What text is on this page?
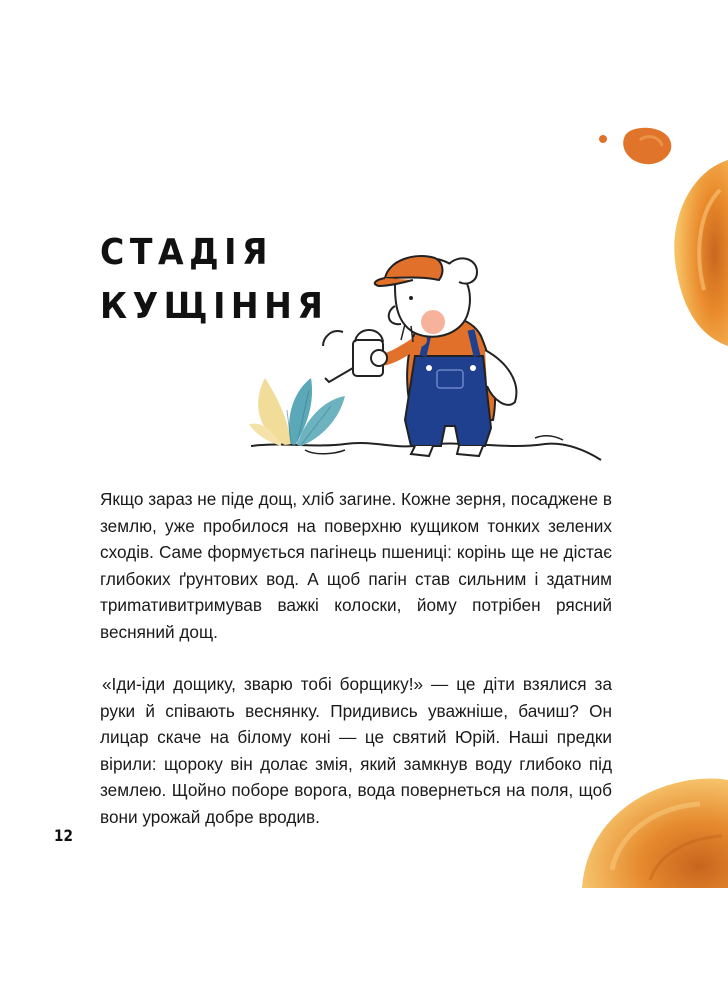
СТАДІЯ
КУЩІННЯ

Якщо зараз не піде дощ, хліб загине. Кожне зерня, посаджене в землю, уже пробилося на поверхню кущиком тонких зелених сходів. Саме формується пагінець пшениці: корінь ще не дістає глибоких ґрунтових вод. А щоб пагін став сильним і здатним триmативитримував важкі колоски, йому потрібен рясний весняний дощ.

«Іди-іди дощику, зварю тобі борщику!» — це діти взялися за руки й співають веснянку. Придивись уважніше, бачиш? Он лицар скаче на білому коні — це святий Юрій. Наші предки вірили: щороку він долає змія, який замкнув воду глибоко під землею. Щойно поборе ворога, вода повернеться на поля, щоб вони урожай добре вродив.

12
